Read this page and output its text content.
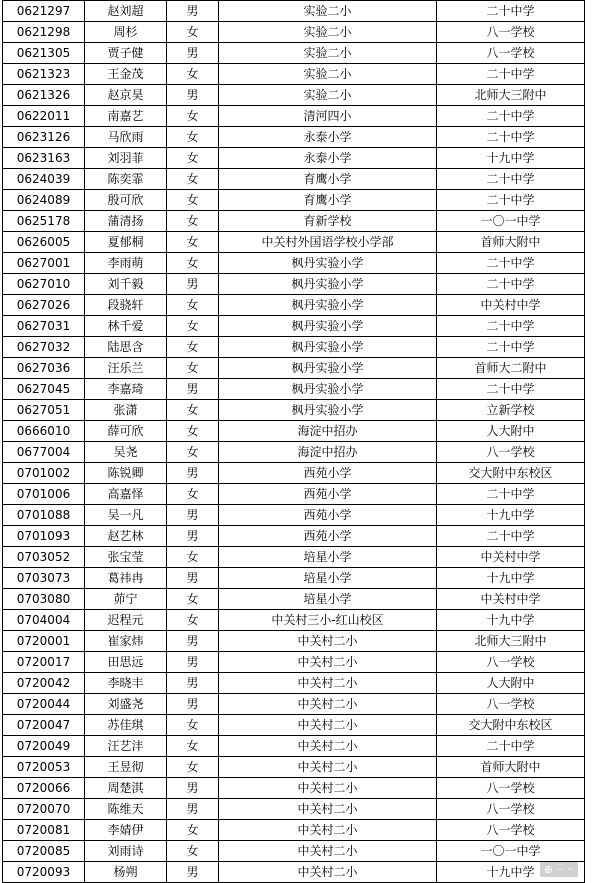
0621297	赵刘超	男	实验二小	二十中学
0621298	周杉	女	实验二小	八一学校
0621305	贾子健	男	实验二小	八一学校
0621323	王金茂	女	实验二小	二十中学
0621326	赵京昊	男	实验二小	北师大三附中
0622011	南嘉艺	女	清河四小	二十中学
0623126	马欣雨	女	永泰小学	二十中学
0623163	刘羽菲	女	永泰小学	十九中学
0624039	陈奕霏	女	育鹰小学	二十中学
0624089	殷可欣	女	育鹰小学	二十中学
0625178	蒲清扬	女	育新学校	一〇一中学
0626005	夏郁桐	女	中关村外国语学校小学部	首师大附中
0627001	李雨萌	女	枫丹实验小学	二十中学
0627010	刘千毅	男	枫丹实验小学	二十中学
0627026	段骁轩	女	枫丹实验小学	中关村中学
0627031	林千爱	女	枫丹实验小学	二十中学
0627032	陆思含	女	枫丹实验小学	二十中学
0627036	汪乐兰	女	枫丹实验小学	首师大二附中
0627045	李嘉琦	男	枫丹实验小学	二十中学
0627051	张潇	女	枫丹实验小学	立新学校
0666010	薛可欣	女	海淀中招办	人大附中
0677004	吴尧	女	海淀中招办	八一学校
0701002	陈锐卿	男	西苑小学	交大附中东校区
0701006	高嘉怿	女	西苑小学	二十中学
0701088	吴一凡	男	西苑小学	十九中学
0701093	赵艺林	男	西苑小学	二十中学
0703052	张宝莹	女	培星小学	中关村中学
0703073	葛祎冉	男	培星小学	十九中学
0703080	茆宁	女	培星小学	中关村中学
0704004	迟程元	女	中关村三小-红山校区	十九中学
0720001	崔家炜	男	中关村二小	北师大三附中
0720017	田思远	男	中关村二小	八一学校
0720042	李晓丰	男	中关村二小	人大附中
0720044	刘盛尧	男	中关村二小	八一学校
0720047	苏佳琪	女	中关村二小	交大附中东校区
0720049	汪艺沣	女	中关村二小	二十中学
0720053	王昱彻	女	中关村二小	首师大附中
0720066	周楚淇	男	中关村二小	八一学校
0720070	陈维天	男	中关村二小	八一学校
0720081	李婧伊	女	中关村二小	八一学校
0720085	刘雨诗	女	中关村二小	一〇一中学
0720093	杨朔	男	中关村二小	十九中学 ⊕ ·· ··
